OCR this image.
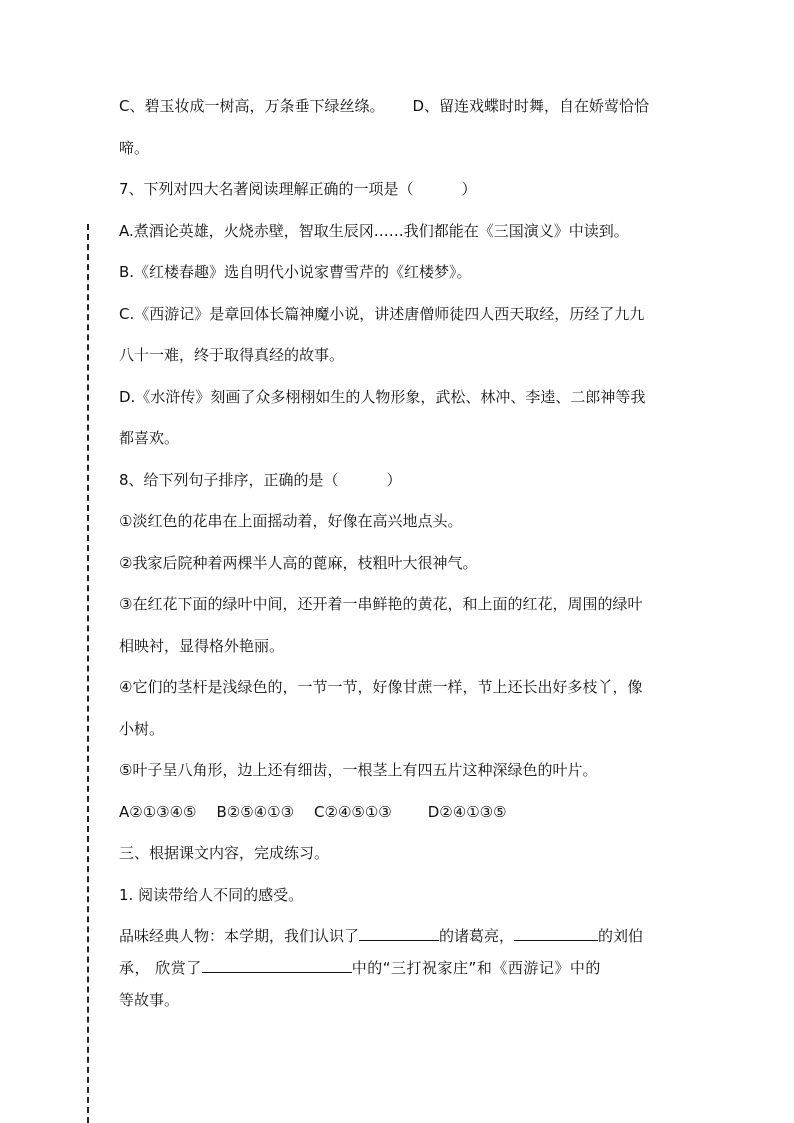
C、碧玉妆成一树高，万条垂下绿丝绦。 D、留连戏蝶时时舞，自在娇莺恰恰
啼。
7、下列对四大名著阅读理解正确的一项是（	）
A.煮酒论英雄，火烧赤壁，智取生辰冈……我们都能在《三国演义》中读到。
B.《红楼春趣》选自明代小说家曹雪芹的《红楼梦》。
C.《西游记》是章回体长篇神魔小说，讲述唐僧师徒四人西天取经，历经了九九
八十一难，终于取得真经的故事。
D.《水浒传》刻画了众多栩栩如生的人物形象，武松、林冲、李逵、二郎神等我
都喜欢。
8、给下列句子排序，正确的是（	）
①淡红色的花串在上面摇动着，好像在高兴地点头。
②我家后院种着两棵半人高的蓖麻，枝粗叶大很神气。
③在红花下面的绿叶中间，还开着一串鲜艳的黄花，和上面的红花，周围的绿叶
相映衬，显得格外艳丽。
④它们的茎杆是浅绿色的，一节一节，好像甘蔗一样，节上还长出好多枝丫，像
小树。
⑤叶子呈八角形，边上还有细齿，一根茎上有四五片这种深绿色的叶片。
A②①③④⑤ B②⑤④①③ C②④⑤①③ D②④①③⑤
三、根据课文内容，完成练习。
1. 阅读带给人不同的感受。
品味经典人物：本学期，我们认识了	的诸葛亮，	的刘伯
承， 欣赏了	中的“三打祝家庄”和《西游记》中的
等故事。
